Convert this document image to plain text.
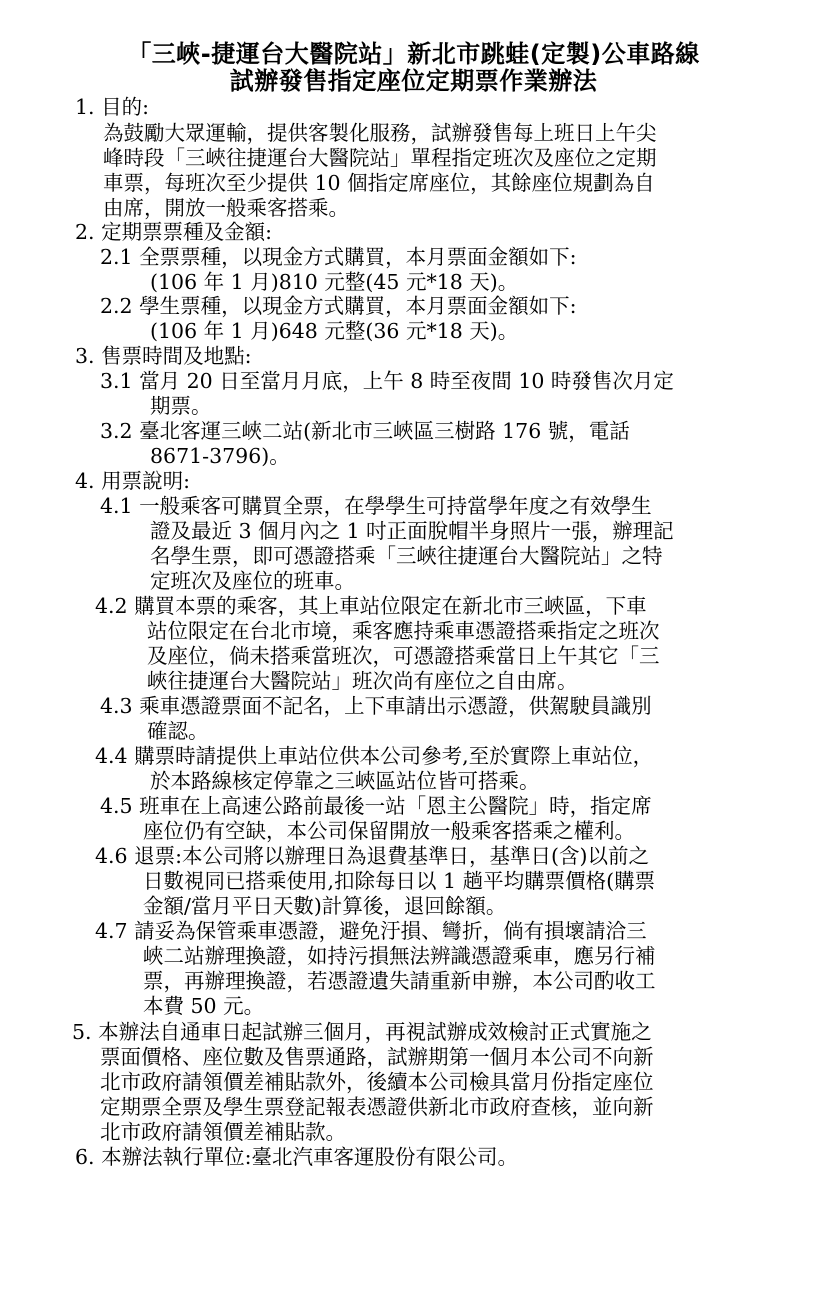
「三峽-捷運台大醫院站」新北市跳蛙(定製)公車路線
試辦發售指定座位定期票作業辦法
1. 目的:
為鼓勵大眾運輸，提供客製化服務，試辦發售每上班日上午尖
峰時段「三峽往捷運台大醫院站」單程指定班次及座位之定期
車票，每班次至少提供 10 個指定席座位，其餘座位規劃為自
由席，開放一般乘客搭乘。
2. 定期票票種及金額:
2.1 全票票種，以現金方式購買，本月票面金額如下:
(106 年 1 月)810 元整(45 元*18 天)。
2.2 學生票種，以現金方式購買，本月票面金額如下:
(106 年 1 月)648 元整(36 元*18 天)。
3. 售票時間及地點:
3.1 當月 20 日至當月月底，上午 8 時至夜間 10 時發售次月定
期票。
3.2 臺北客運三峽二站(新北市三峽區三樹路 176 號，電話
8671-3796)。
4. 用票說明:
4.1 一般乘客可購買全票，在學學生可持當學年度之有效學生
證及最近 3 個月內之 1 吋正面脫帽半身照片一張，辦理記
名學生票，即可憑證搭乘「三峽往捷運台大醫院站」之特
定班次及座位的班車。
4.2 購買本票的乘客，其上車站位限定在新北市三峽區，下車
站位限定在台北市境，乘客應持乘車憑證搭乘指定之班次
及座位，倘未搭乘當班次，可憑證搭乘當日上午其它「三
峽往捷運台大醫院站」班次尚有座位之自由席。
4.3 乘車憑證票面不記名，上下車請出示憑證，供駕駛員識別
確認。
4.4 購票時請提供上車站位供本公司參考,至於實際上車站位，
於本路線核定停靠之三峽區站位皆可搭乘。
4.5 班車在上高速公路前最後一站「恩主公醫院」時，指定席
座位仍有空缺，本公司保留開放一般乘客搭乘之權利。
4.6 退票:本公司將以辦理日為退費基準日，基準日(含)以前之
日數視同已搭乘使用,扣除每日以 1 趟平均購票價格(購票
金額/當月平日天數)計算後，退回餘額。
4.7 請妥為保管乘車憑證，避免汙損、彎折，倘有損壞請洽三
峽二站辦理換證，如持污損無法辨識憑證乘車，應另行補
票，再辦理換證，若憑證遺失請重新申辦，本公司酌收工
本費 50 元。
5. 本辦法自通車日起試辦三個月，再視試辦成效檢討正式實施之
票面價格、座位數及售票通路，試辦期第一個月本公司不向新
北市政府請領價差補貼款外，後續本公司檢具當月份指定座位
定期票全票及學生票登記報表憑證供新北市政府查核，並向新
北市政府請領價差補貼款。
6. 本辦法執行單位:臺北汽車客運股份有限公司。
